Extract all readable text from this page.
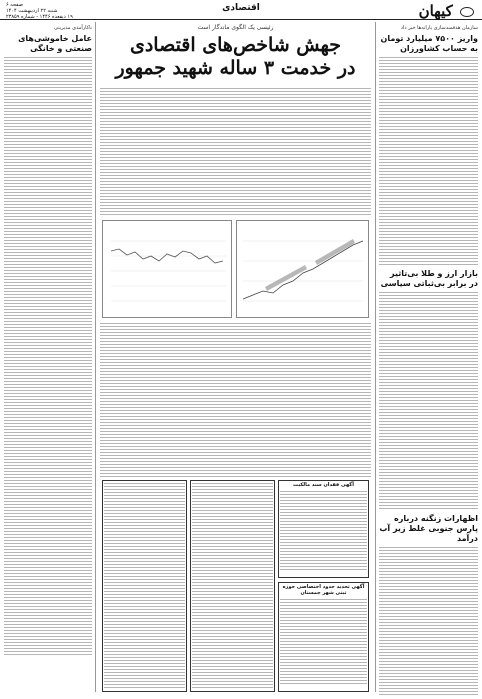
صفحه ۶
شنبه ۲۲ اردیبهشت ۱۴۰۴
۱۹ ذیقعده ۱۴۴۶ - شماره ۲۳۸۵۹
اقتصادی	کیهان
سازمان هدفمندسازی یارانه‌ها خبر داد
واریز ۷۵۰۰ میلیارد تومان به حساب کشاورزان
بازار ارز و طلا بی‌تاثیر در برابر بی‌ثباتی سیاسی
اظهارات زنگنه درباره پارس جنوبی غلط زیر آب درآمد
ناکارآمدی مدیریتی
عامل خاموشی‌های صنعتی و خانگی
رئیسی یک الگوی ماندگار است
جهش شاخص‌های اقتصادی
در خدمت ۳ ساله شهید جمهور
آگهی فقدان سند مالکیت
آگهی تحدید حدود اختصاصی حوزه ثبتی شهر چمستان
